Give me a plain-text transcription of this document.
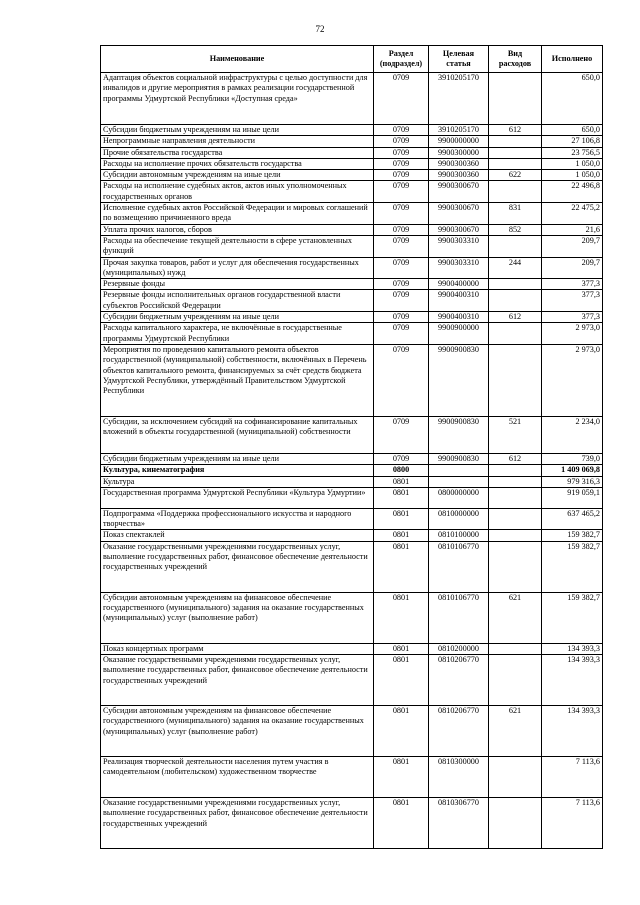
72
Наименование	Раздел (подраздел)	Целевая статья	Вид расходов	Исполнено
Адаптация объектов социальной инфраструктуры с целью доступности для инвалидов и другие мероприятия в рамках реализации государственной программы Удмуртской Республики «Доступная среда»	0709	3910205170		650,0
Субсидии бюджетным учреждениям на иные цели	0709	3910205170	612	650,0
Непрограммные направления деятельности	0709	9900000000		27 106,8
Прочие обязательства государства	0709	9900300000		23 756,5
Расходы на исполнение прочих обязательств государства	0709	9900300360		1 050,0
Субсидии автономным учреждениям на иные цели	0709	9900300360	622	1 050,0
Расходы на исполнение судебных актов, актов иных уполномоченных государственных органов	0709	9900300670		22 496,8
Исполнение судебных актов Российской Федерации и мировых соглашений по возмещению причиненного вреда	0709	9900300670	831	22 475,2
Уплата прочих налогов, сборов	0709	9900300670	852	21,6
Расходы на обеспечение текущей деятельности в сфере установленных функций	0709	9900303310		209,7
Прочая закупка товаров, работ и услуг для обеспечения государственных (муниципальных) нужд	0709	9900303310	244	209,7
Резервные фонды	0709	9900400000		377,3
Резервные фонды исполнительных органов государственной власти субъектов Российской Федерации	0709	9900400310		377,3
Субсидии бюджетным учреждениям на иные цели	0709	9900400310	612	377,3
Расходы капитального характера, не включённые в государственные программы Удмуртской Республики	0709	9900900000		2 973,0
Мероприятия по проведению капитального ремонта объектов государственной (муниципальной) собственности, включённых в Перечень объектов капитального ремонта, финансируемых за счёт средств бюджета Удмуртской Республики, утверждённый Правительством Удмуртской Республики	0709	9900900830		2 973,0
Субсидии, за исключением субсидий на софинансирование капитальных вложений в объекты государственной (муниципальной) собственности	0709	9900900830	521	2 234,0
Субсидии бюджетным учреждениям на иные цели	0709	9900900830	612	739,0
Культура, кинематография	0800			1 409 069,8
Культура	0801			979 316,3
Государственная программа Удмуртской Республики «Культура Удмуртии»	0801	0800000000		919 059,1
Подпрограмма «Поддержка профессионального искусства и народного творчества»	0801	0810000000		637 465,2
Показ спектаклей	0801	0810100000		159 382,7
Оказание государственными учреждениями государственных услуг, выполнение государственных работ, финансовое обеспечение деятельности государственных учреждений	0801	0810106770		159 382,7
Субсидии автономным учреждениям на финансовое обеспечение государственного (муниципального) задания на оказание государственных (муниципальных) услуг (выполнение работ)	0801	0810106770	621	159 382,7
Показ концертных программ	0801	0810200000		134 393,3
Оказание государственными учреждениями государственных услуг, выполнение государственных работ, финансовое обеспечение деятельности государственных учреждений	0801	0810206770		134 393,3
Субсидии автономным учреждениям на финансовое обеспечение государственного (муниципального) задания на оказание государственных (муниципальных) услуг (выполнение работ)	0801	0810206770	621	134 393,3
Реализация творческой деятельности населения путем участия в самодеятельном (любительском) художественном творчестве	0801	0810300000		7 113,6
Оказание государственными учреждениями государственных услуг, выполнение государственных работ, финансовое обеспечение деятельности государственных учреждений	0801	0810306770		7 113,6
